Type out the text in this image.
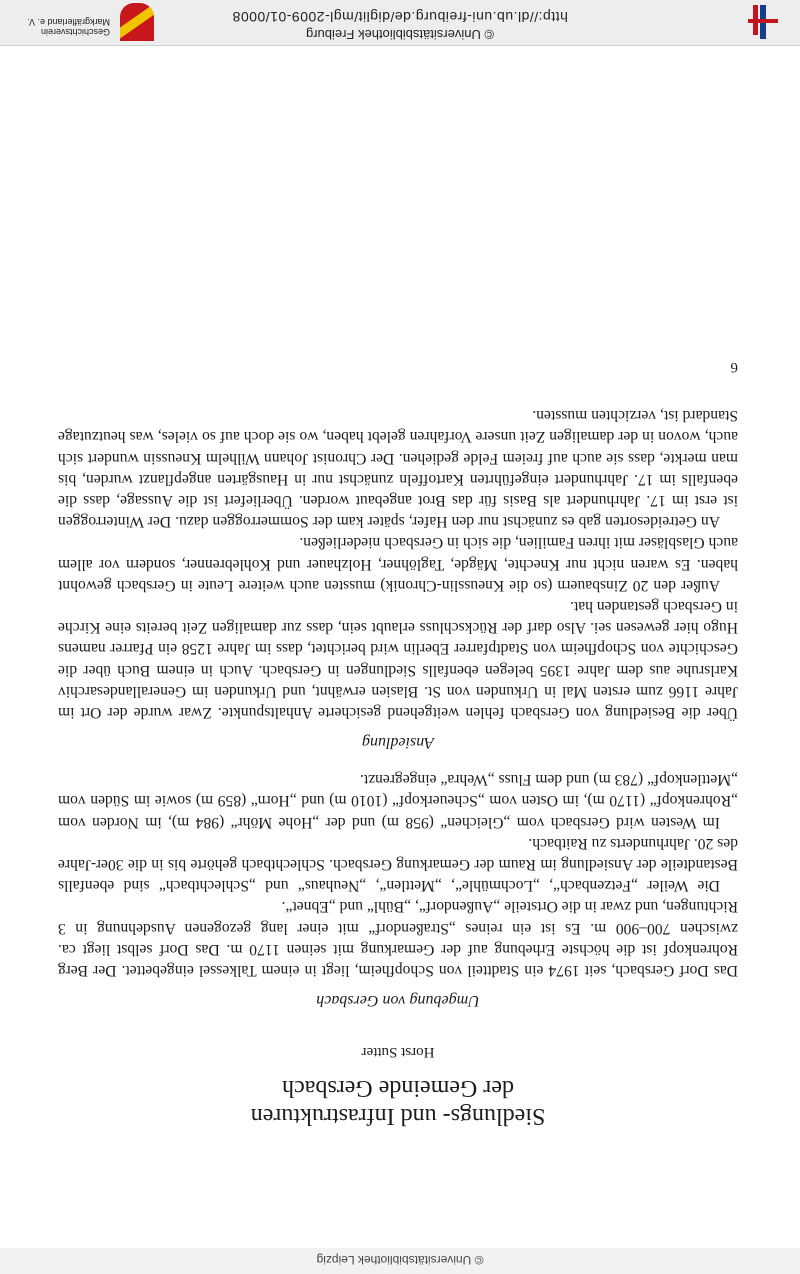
© Universitätsbibliothek Leipzig
Siedlungs- und Infrastrukturen
der Gemeinde Gersbach
Horst Sutter
Umgebung von Gersbach

Das Dorf Gersbach, seit 1974 ein Stadtteil von Schopfheim, liegt in einem Talkessel eingebettet. Der Berg Rohrenkopf ist die höchste Erhebung auf der Gemarkung mit seinen 1170 m. Das Dorf selbst liegt ca. zwischen 700–900 m. Es ist ein reines „Straßendorf“ mit einer lang gezogenen Ausdehnung in 3 Richtungen, und zwar in die Ortsteile „Außendorf“, „Bühl“ und „Ebnet“.

Die Weiler „Fetzenbach“, „Lochmühle“, „Mettlen“, „Neuhaus“ und „Schlechtbach“ sind ebenfalls Bestandteile der Ansiedlung im Raum der Gemarkung Gersbach. Schlechtbach gehörte bis in die 30er-Jahre des 20. Jahrhunderts zu Raitbach.

Im Westen wird Gersbach vom „Gleichen“ (958 m) und der „Hohe Möhr“ (984 m), im Norden vom „Rohrenkopf“ (1170 m), im Osten vom „Scheuerkopf“ (1010 m) und „Horn“ (859 m) sowie im Süden vom „Mettlenkopf“ (783 m) und dem Fluss „Wehra“ eingegrenzt.

Ansiedlung

Über die Besiedlung von Gersbach fehlen weitgehend gesicherte Anhaltspunkte. Zwar wurde der Ort im Jahre 1166 zum ersten Mal in Urkunden von St. Blasien erwähnt, und Urkunden im Generallandesarchiv Karlsruhe aus dem Jahre 1395 belegen ebenfalls Siedlungen in Gersbach. Auch in einem Buch über die Geschichte von Schopfheim von Stadtpfarrer Eberlin wird berichtet, dass im Jahre 1258 ein Pfarrer namens Hugo hier gewesen sei. Also darf der Rückschluss erlaubt sein, dass zur damaligen Zeit bereits eine Kirche in Gersbach gestanden hat.

Außer den 20 Zinsbauern (so die Kneusslin-Chronik) mussten auch weitere Leute in Gersbach gewohnt haben. Es waren nicht nur Knechte, Mägde, Taglöhner, Holzhauer und Kohlebrenner, sondern vor allem auch Glasbläser mit ihren Familien, die sich in Gersbach niederließen.

An Getreidesorten gab es zunächst nur den Hafer, später kam der Sommerroggen dazu. Der Winterroggen ist erst im 17. Jahrhundert als Basis für das Brot angebaut worden. Überliefert ist die Aussage, dass die ebenfalls im 17. Jahrhundert eingeführten Kartoffeln zunächst nur in Hausgärten angepflanzt wurden, bis man merkte, dass sie auch auf freiem Felde gediehen. Der Chronist Johann Wilhelm Kneussin wundert sich auch, wovon in der damaligen Zeit unsere Vorfahren gelebt haben, wo sie doch auf so vieles, was heutzutage Standard ist, verzichten mussten.

6
© Universitätsbibliothek Freiburg
http://dl.ub.uni-freiburg.de/diglit/mgl-2009-01/0008
Geschichtsverein
Markgräflerland e. V.
